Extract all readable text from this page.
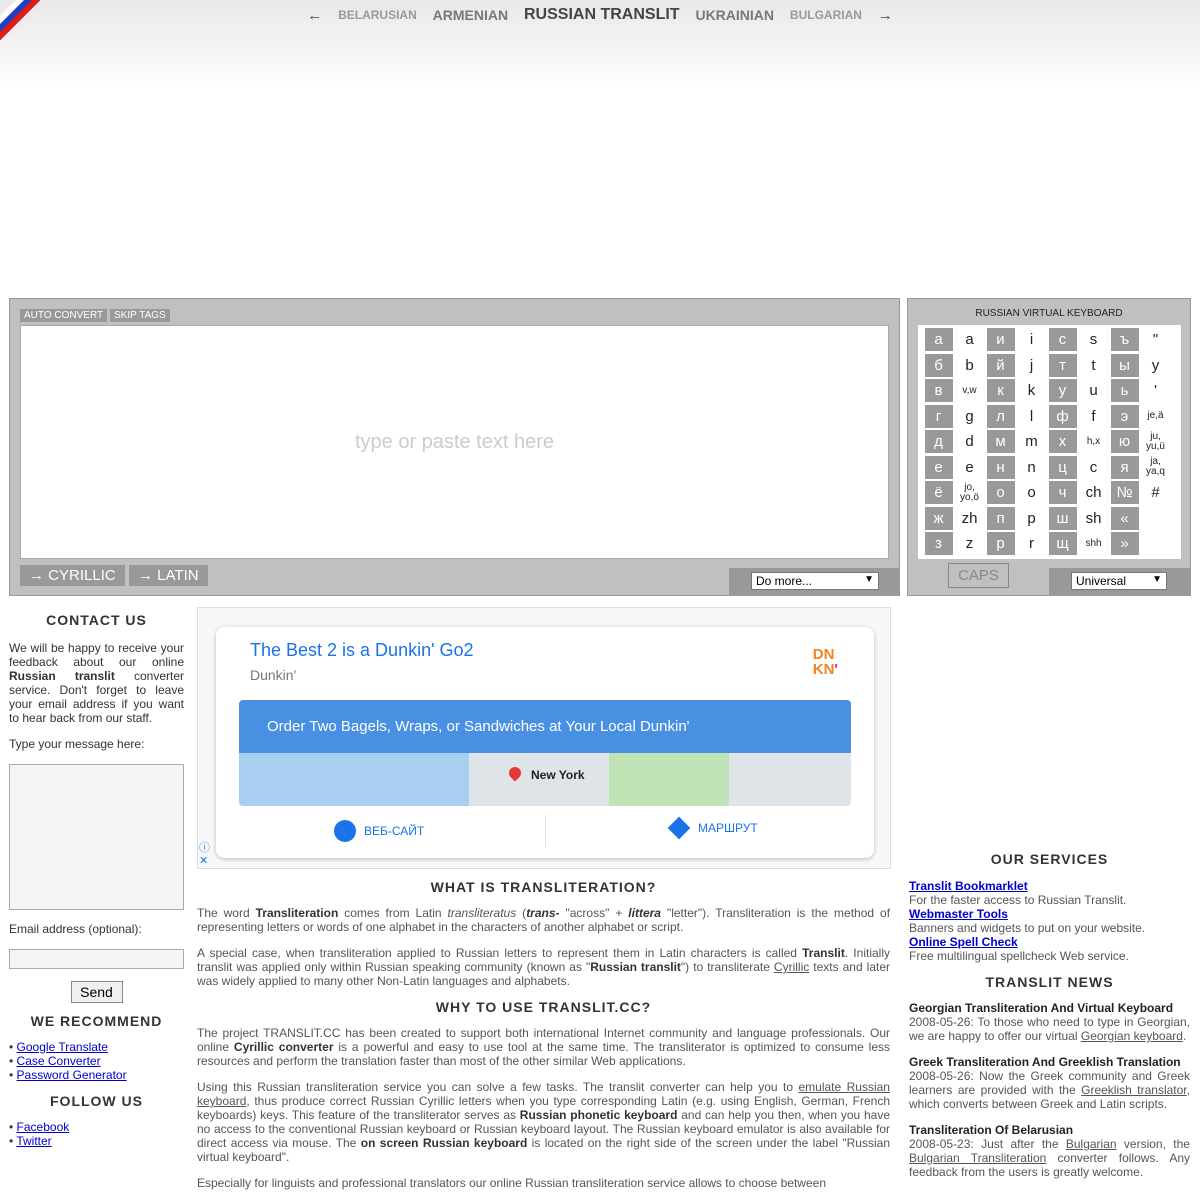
← BELARUSIAN ARMENIAN RUSSIAN TRANSLIT UKRAINIAN BULGARIAN →
AUTO CONVERT	SKIP TAGS
type or paste text here
→ CYRILLIC	→ LATIN	Do more...	▼
RUSSIAN VIRTUAL KEYBOARD
а	a	и	i	с	s	ъ	"
б	b	й	j	т	t	ы	y
в	v,w	к	k	у	u	ь	'
г	g	л	l	ф	f	э	je,ä
д	d	м	m	х	h,x	ю	ju, yu,ü
е	e	н	n	ц	c	я	ja, ya,q
ё	jo, yo,ö	о	o	ч	ch	№	#
ж	zh	п	p	ш	sh	«
з	z	р	r	щ	shh	»
CAPS	Universal	▼
CONTACT US

We will be happy to receive your feedback about our online Russian translit converter service. Don't forget to leave your email address if you want to hear back from our staff.

Type your message here:
Email address (optional):
Send
WE RECOMMEND
• Google Translate
• Case Converter
• Password Generator
FOLLOW US
• Facebook
• Twitter
The Best 2 is a Dunkin' Go2
Dunkin'
DN
KN'
Order Two Bagels, Wraps, or Sandwiches at Your Local Dunkin'
New York
ВЕБ-САЙТ	МАРШРУТ
ⓘ
✕
WHAT IS TRANSLITERATION?

The word Transliteration comes from Latin transliteratus (trans- "across" + littera "letter"). Transliteration is the method of representing letters or words of one alphabet in the characters of another alphabet or script.

A special case, when transliteration applied to Russian letters to represent them in Latin characters is called Translit. Initially translit was applied only within Russian speaking community (known as "Russian translit") to transliterate Cyrillic texts and later was widely applied to many other Non-Latin languages and alphabets.

WHY TO USE TRANSLIT.CC?

The project TRANSLIT.CC has been created to support both international Internet community and language professionals. Our online Cyrillic converter is a powerful and easy to use tool at the same time. The transliterator is optimized to consume less resources and perform the translation faster than most of the other similar Web applications.

Using this Russian transliteration service you can solve a few tasks. The translit converter can help you to emulate Russian keyboard, thus produce correct Russian Cyrillic letters when you type corresponding Latin (e.g. using English, German, French keyboards) keys. This feature of the transliterator serves as Russian phonetic keyboard and can help you then, when you have no access to the conventional Russian keyboard or Russian keyboard layout. The Russian keyboard emulator is also available for direct access via mouse. The on screen Russian keyboard is located on the right side of the screen under the label "Russian virtual keyboard".

Especially for linguists and professional translators our online Russian transliteration service allows to choose between

OUR SERVICES
Translit Bookmarklet
For the faster access to Russian Translit.
Webmaster Tools
Banners and widgets to put on your website.
Online Spell Check
Free multilingual spellcheck Web service.
TRANSLIT NEWS
Georgian Transliteration And Virtual Keyboard

2008-05-26: To those who need to type in Georgian, we are happy to offer our virtual Georgian keyboard.

Greek Transliteration And Greeklish Translation

2008-05-26: Now the Greek community and Greek learners are provided with the Greeklish translator, which converts between Greek and Latin scripts.

Transliteration Of Belarusian

2008-05-23: Just after the Bulgarian version, the Bulgarian Transliteration converter follows. Any feedback from the users is greatly welcome.
